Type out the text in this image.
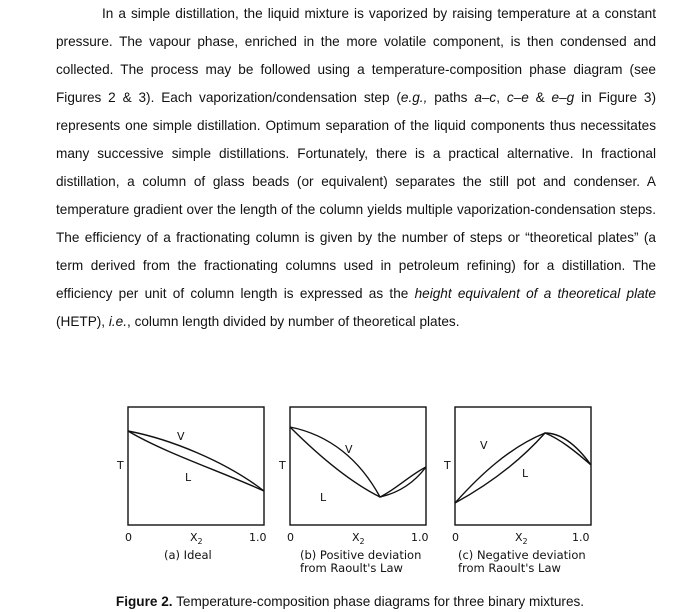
In a simple distillation, the liquid mixture is vaporized by raising temperature at a constant pressure. The vapour phase, enriched in the more volatile component, is then condensed and collected. The process may be followed using a temperature-composition phase diagram (see Figures 2 & 3). Each vaporization/condensation step (e.g., paths a–c, c–e & e–g in Figure 3) represents one simple distillation. Optimum separation of the liquid components thus necessitates many successive simple distillations. Fortunately, there is a practical alternative. In fractional distillation, a column of glass beads (or equivalent) separates the still pot and condenser. A temperature gradient over the length of the column yields multiple vaporization-condensation steps. The efficiency of a fractionating column is given by the number of steps or “theoretical plates” (a term derived from the fractionating columns used in petroleum refining) for a distillation. The efficiency per unit of column length is expressed as the height equivalent of a theoretical plate (HETP), i.e., column length divided by number of theoretical plates.

V
L
T
0	1.0
$X_2$
(a) Ideal
V
L
T
0	1.0
$X_2$
(b) Positive deviation
from Raoult's Law
V
L
T
0	1.0
$X_2$
(c) Negative deviation
from Raoult's Law

Figure 2. Temperature-composition phase diagrams for three binary mixtures.
